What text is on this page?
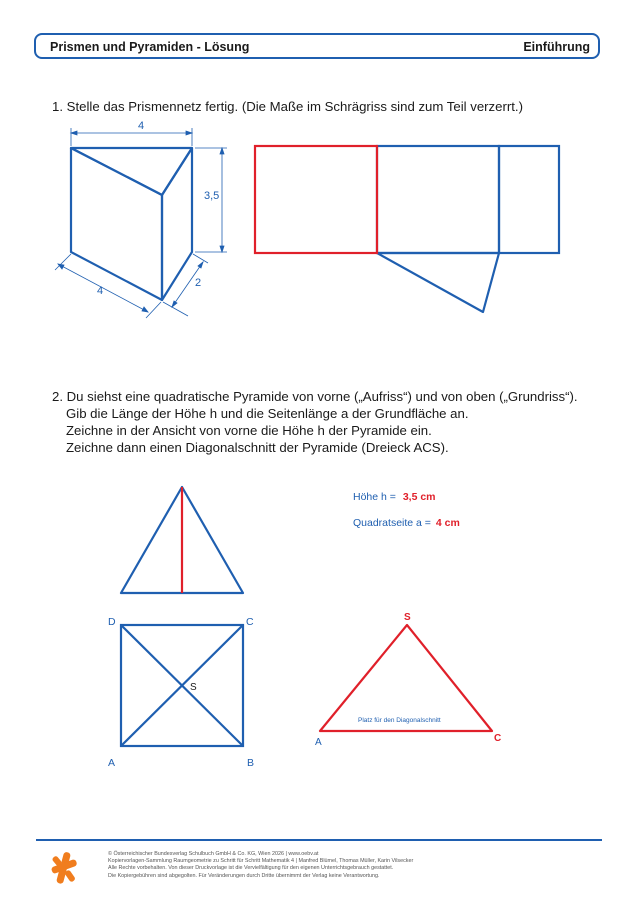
Prismen und Pyramiden - Lösung	Einführung

1. Stelle das Prismennetz fertig. (Die Maße im Schrägriss sind zum Teil verzerrt.)

4
3,5
4
2

2. Du siehst eine quadratische Pyramide von vorne („Aufriss“) und von oben („Grundriss“).

Gib die Länge der Höhe h und die Seitenlänge a der Grundfläche an.

Zeichne in der Ansicht von vorne die Höhe h der Pyramide ein.

Zeichne dann einen Diagonalschnitt der Pyramide (Dreieck ACS).

D	C
A	B
S
S
A	C
Platz für den Diagonalschnitt
Höhe h = 3,5 cm
Quadratseite a = 4 cm
© Österreichischer Bundesverlag Schulbuch GmbH & Co. KG, Wien 2026 | www.oebv.at
Kopiervorlagen-Sammlung Raumgeometrie zu Schritt für Schritt Mathematik 4 | Manfred Blümel, Thomas Müller, Karin Vilsecker
Alle Rechte vorbehalten. Von dieser Druckvorlage ist die Vervielfältigung für den eigenen Unterrichtsgebrauch gestattet.
Die Kopiergebühren sind abgegolten. Für Veränderungen durch Dritte übernimmt der Verlag keine Verantwortung.
